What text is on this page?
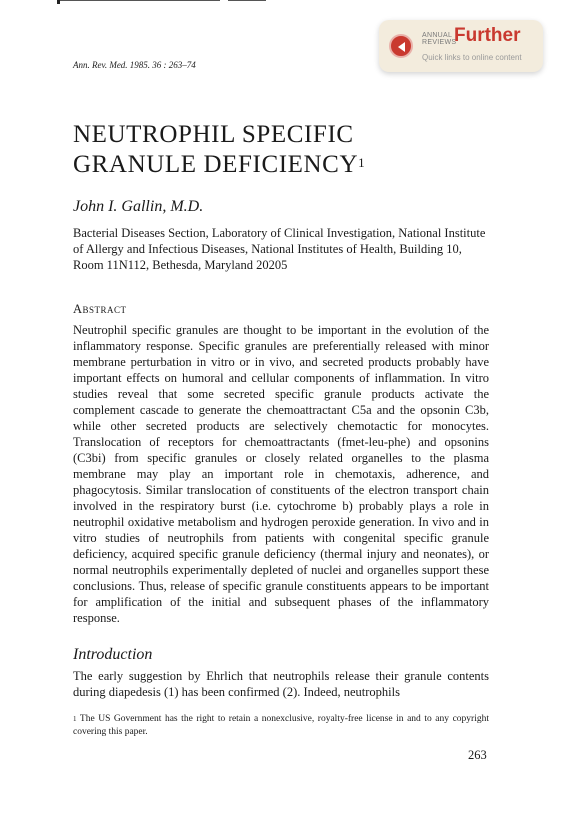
ANNUAL
REVIEWS
Further
Quick links to online content
Ann. Rev. Med. 1985. 36 : 263–74
NEUTROPHIL SPECIFIC
GRANULE DEFICIENCY$^1$
John I. Gallin, M.D.
Bacterial Diseases Section, Laboratory of Clinical Investigation, National Institute of Allergy and Infectious Diseases, National Institutes of Health, Building 10, Room 11N112, Bethesda, Maryland 20205
Abstract
Neutrophil specific granules are thought to be important in the evolution of the inflammatory response. Specific granules are preferentially released with minor membrane perturbation in vitro or in vivo, and secreted products probably have important effects on humoral and cellular components of inflammation. In vitro studies reveal that some secreted specific granule products activate the complement cascade to generate the chemoattractant C5a and the opsonin C3b, while other secreted products are selectively chemotactic for monocytes. Translocation of receptors for chemoattractants (fmet-leu-phe) and opsonins (C3bi) from specific granules or closely related organelles to the plasma membrane may play an important role in chemotaxis, adherence, and phagocytosis. Similar translocation of constituents of the electron transport chain involved in the respiratory burst (i.e. cytochrome b) probably plays a role in neutrophil oxidative metabolism and hydrogen peroxide generation. In vivo and in vitro studies of neutrophils from patients with congenital specific granule deficiency, acquired specific granule deficiency (thermal injury and neonates), or normal neutrophils experimentally depleted of nuclei and organelles support these conclusions. Thus, release of specific granule constituents appears to be important for amplification of the initial and subsequent phases of the inflammatory response.
Introduction
The early suggestion by Ehrlich that neutrophils release their granule contents during diapedesis (1) has been confirmed (2). Indeed, neutrophils
$^1$ The US Government has the right to retain a nonexclusive, royalty-free license in and to any copyright covering this paper.
263
